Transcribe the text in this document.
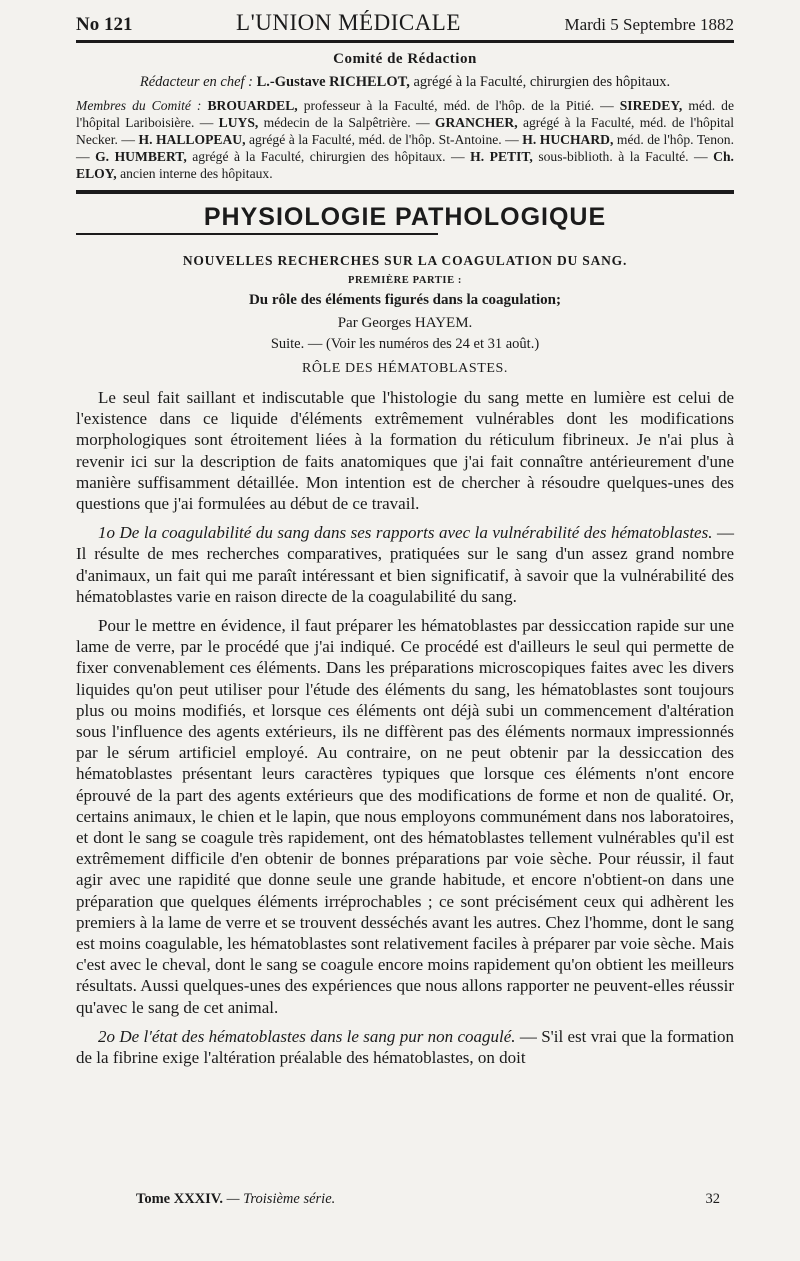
No 121	L'UNION MÉDICALE	Mardi 5 Septembre 1882
Comité de Rédaction
Rédacteur en chef : L.-Gustave RICHELOT, agrégé à la Faculté, chirurgien des hôpitaux.
Membres du Comité : BROUARDEL, professeur à la Faculté, méd. de l'hôp. de la Pitié. — SIREDEY, méd. de l'hôpital Lariboisière. — LUYS, médecin de la Salpêtrière. — GRANCHER, agrégé à la Faculté, méd. de l'hôpital Necker. — H. HALLOPEAU, agrégé à la Faculté, méd. de l'hôp. St-Antoine. — H. HUCHARD, méd. de l'hôp. Tenon. — G. HUMBERT, agrégé à la Faculté, chirurgien des hôpitaux. — H. PETIT, sous-biblioth. à la Faculté. — Ch. ELOY, ancien interne des hôpitaux.
PHYSIOLOGIE PATHOLOGIQUE
NOUVELLES RECHERCHES SUR LA COAGULATION DU SANG.
PREMIÈRE PARTIE :
Du rôle des éléments figurés dans la coagulation;
Par Georges HAYEM.
Suite. — (Voir les numéros des 24 et 31 août.)
RÔLE DES HÉMATOBLASTES.

Le seul fait saillant et indiscutable que l'histologie du sang mette en lumière est celui de l'existence dans ce liquide d'éléments extrêmement vulnérables dont les modifications morphologiques sont étroitement liées à la formation du réticulum fibrineux. Je n'ai plus à revenir ici sur la description de faits anatomiques que j'ai fait connaître antérieurement d'une manière suffisamment détaillée. Mon intention est de chercher à résoudre quelques-unes des questions que j'ai formulées au début de ce travail.

1o De la coagulabilité du sang dans ses rapports avec la vulnérabilité des hématoblastes. — Il résulte de mes recherches comparatives, pratiquées sur le sang d'un assez grand nombre d'animaux, un fait qui me paraît intéressant et bien significatif, à savoir que la vulnérabilité des hématoblastes varie en raison directe de la coagulabilité du sang.

Pour le mettre en évidence, il faut préparer les hématoblastes par dessiccation rapide sur une lame de verre, par le procédé que j'ai indiqué. Ce procédé est d'ailleurs le seul qui permette de fixer convenablement ces éléments. Dans les préparations microscopiques faites avec les divers liquides qu'on peut utiliser pour l'étude des éléments du sang, les hématoblastes sont toujours plus ou moins modifiés, et lorsque ces éléments ont déjà subi un commencement d'altération sous l'influence des agents extérieurs, ils ne diffèrent pas des éléments normaux impressionnés par le sérum artificiel employé. Au contraire, on ne peut obtenir par la dessiccation des hématoblastes présentant leurs caractères typiques que lorsque ces éléments n'ont encore éprouvé de la part des agents extérieurs que des modifications de forme et non de qualité. Or, certains animaux, le chien et le lapin, que nous employons communément dans nos laboratoires, et dont le sang se coagule très rapidement, ont des hématoblastes tellement vulnérables qu'il est extrêmement difficile d'en obtenir de bonnes préparations par voie sèche. Pour réussir, il faut agir avec une rapidité que donne seule une grande habitude, et encore n'obtient-on dans une préparation que quelques éléments irréprochables ; ce sont précisément ceux qui adhèrent les premiers à la lame de verre et se trouvent desséchés avant les autres. Chez l'homme, dont le sang est moins coagulable, les hématoblastes sont relativement faciles à préparer par voie sèche. Mais c'est avec le cheval, dont le sang se coagule encore moins rapidement qu'on obtient les meilleurs résultats. Aussi quelques-unes des expériences que nous allons rapporter ne peuvent-elles réussir qu'avec le sang de cet animal.

2o De l'état des hématoblastes dans le sang pur non coagulé. — S'il est vrai que la formation de la fibrine exige l'altération préalable des hématoblastes, on doit

Tome XXXIV. — Troisième série.	32
